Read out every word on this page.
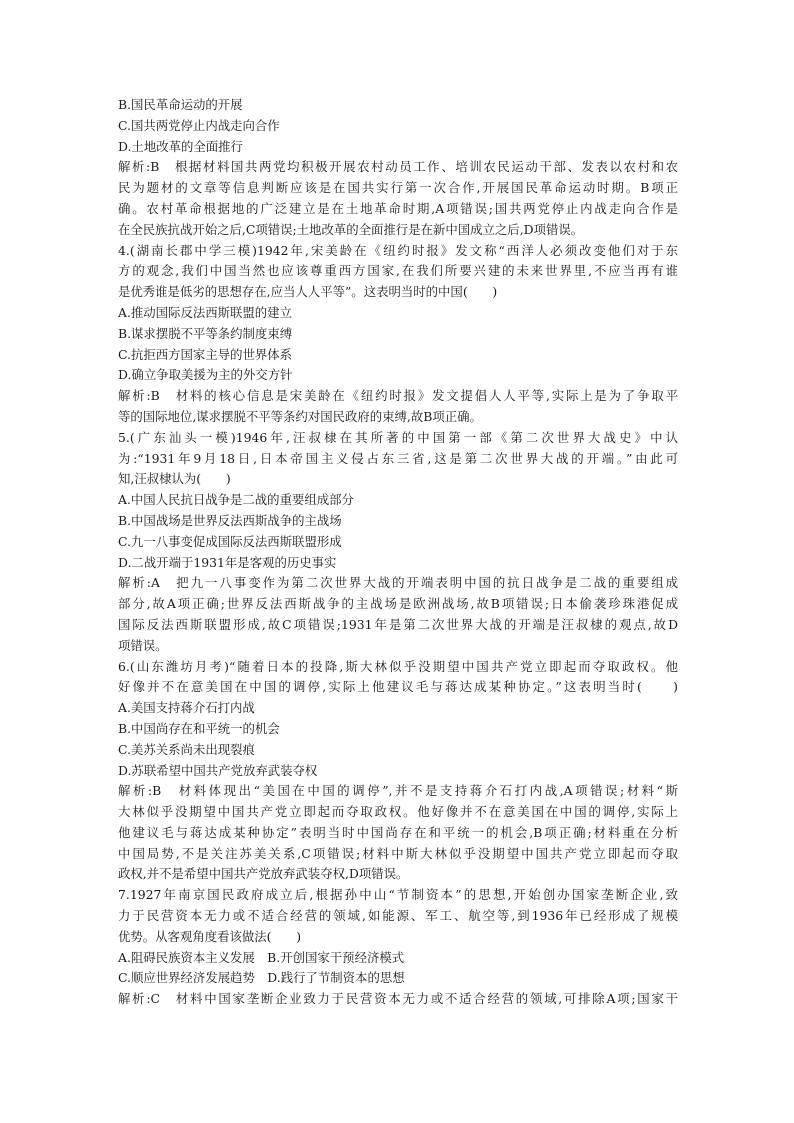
B.国民革命运动的开展
C.国共两党停止内战走向合作
D.土地改革的全面推行
解析:B　根据材料国共两党均积极开展农村动员工作、培训农民运动干部、发表以农村和农
民为题材的文章等信息判断应该是在国共实行第一次合作,开展国民革命运动时期。B项正
确。农村革命根据地的广泛建立是在土地革命时期,A项错误;国共两党停止内战走向合作是
在全民族抗战开始之后,C项错误;土地改革的全面推行是在新中国成立之后,D项错误。
4.(湖南长郡中学三模)1942年,宋美龄在《纽约时报》发文称“西洋人必须改变他们对于东
方的观念,我们中国当然也应该尊重西方国家,在我们所要兴建的未来世界里,不应当再有谁
是优秀谁是低劣的思想存在,应当人人平等”。这表明当时的中国(　　)
A.推动国际反法西斯联盟的建立
B.谋求摆脱不平等条约制度束缚
C.抗拒西方国家主导的世界体系
D.确立争取美援为主的外交方针
解析:B　材料的核心信息是宋美龄在《纽约时报》发文提倡人人平等,实际上是为了争取平
等的国际地位,谋求摆脱不平等条约对国民政府的束缚,故B项正确。
5.(广东汕头一模)1946年,汪叔棣在其所著的中国第一部《第二次世界大战史》中认
为:“1931年9月18日,日本帝国主义侵占东三省,这是第二次世界大战的开端。”由此可
知,汪叔棣认为(　　)
A.中国人民抗日战争是二战的重要组成部分
B.中国战场是世界反法西斯战争的主战场
C.九一八事变促成国际反法西斯联盟形成
D.二战开端于1931年是客观的历史事实
解析:A　把九一八事变作为第二次世界大战的开端表明中国的抗日战争是二战的重要组成
部分,故A项正确;世界反法西斯战争的主战场是欧洲战场,故B项错误;日本偷袭珍珠港促成
国际反法西斯联盟形成,故C项错误;1931年是第二次世界大战的开端是汪叔棣的观点,故D
项错误。
6.(山东潍坊月考)“随着日本的投降,斯大林似乎没期望中国共产党立即起而夺取政权。他
好像并不在意美国在中国的调停,实际上他建议毛与蒋达成某种协定。”这表明当时(　　)
A.美国支持蒋介石打内战
B.中国尚存在和平统一的机会
C.美苏关系尚未出现裂痕
D.苏联希望中国共产党放弃武装夺权
解析:B　材料体现出“美国在中国的调停”,并不是支持蒋介石打内战,A项错误;材料“斯
大林似乎没期望中国共产党立即起而夺取政权。他好像并不在意美国在中国的调停,实际上
他建议毛与蒋达成某种协定”表明当时中国尚存在和平统一的机会,B项正确;材料重在分析
中国局势,不是关注苏美关系,C项错误;材料中斯大林似乎没期望中国共产党立即起而夺取
政权,并不是希望中国共产党放弃武装夺权,D项错误。
7.1927年南京国民政府成立后,根据孙中山“节制资本”的思想,开始创办国家垄断企业,致
力于民营资本无力或不适合经营的领域,如能源、军工、航空等,到1936年已经形成了规模
优势。从客观角度看该做法(　　)
A.阻碍民族资本主义发展　B.开创国家干预经济模式
C.顺应世界经济发展趋势　D.践行了节制资本的思想
解析:C　材料中国家垄断企业致力于民营资本无力或不适合经营的领域,可排除A项;国家干
